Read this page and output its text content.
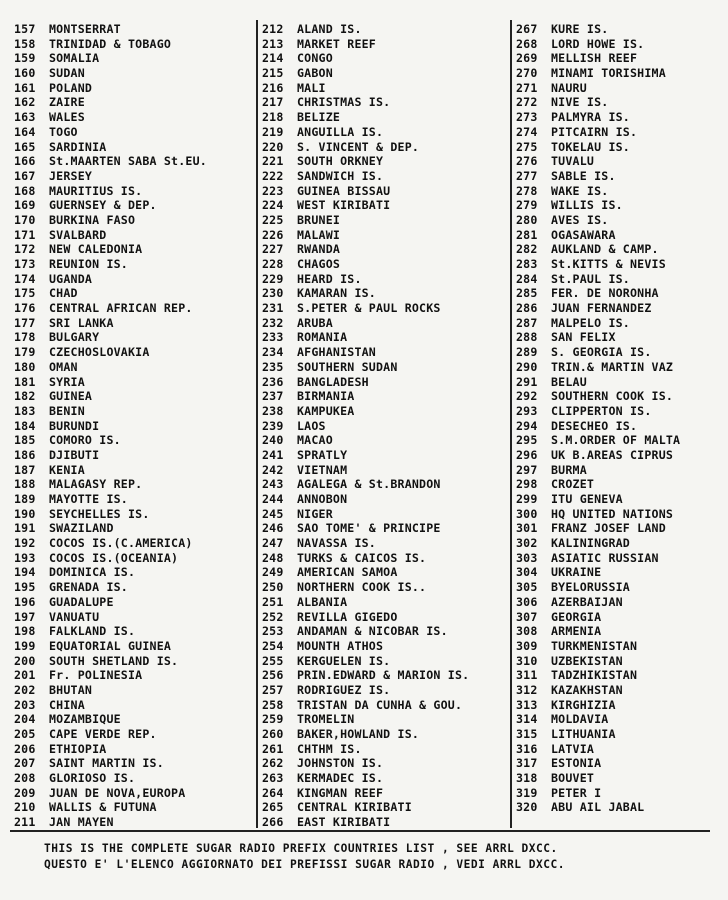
157	MONTSERRAT
158	TRINIDAD & TOBAGO
159	SOMALIA
160	SUDAN
161	POLAND
162	ZAIRE
163	WALES
164	TOGO
165	SARDINIA
166	St.MAARTEN SABA St.EU.
167	JERSEY
168	MAURITIUS IS.
169	GUERNSEY & DEP.
170	BURKINA FASO
171	SVALBARD
172	NEW CALEDONIA
173	REUNION IS.
174	UGANDA
175	CHAD
176	CENTRAL AFRICAN REP.
177	SRI LANKA
178	BULGARY
179	CZECHOSLOVAKIA
180	OMAN
181	SYRIA
182	GUINEA
183	BENIN
184	BURUNDI
185	COMORO IS.
186	DJIBUTI
187	KENIA
188	MALAGASY REP.
189	MAYOTTE IS.
190	SEYCHELLES IS.
191	SWAZILAND
192	COCOS IS.(C.AMERICA)
193	COCOS IS.(OCEANIA)
194	DOMINICA IS.
195	GRENADA IS.
196	GUADALUPE
197	VANUATU
198	FALKLAND IS.
199	EQUATORIAL GUINEA
200	SOUTH SHETLAND IS.
201	Fr. POLINESIA
202	BHUTAN
203	CHINA
204	MOZAMBIQUE
205	CAPE VERDE REP.
206	ETHIOPIA
207	SAINT MARTIN IS.
208	GLORIOSO IS.
209	JUAN DE NOVA,EUROPA
210	WALLIS & FUTUNA
211	JAN MAYEN
212	ALAND IS.
213	MARKET REEF
214	CONGO
215	GABON
216	MALI
217	CHRISTMAS IS.
218	BELIZE
219	ANGUILLA IS.
220	S. VINCENT & DEP.
221	SOUTH ORKNEY
222	SANDWICH IS.
223	GUINEA BISSAU
224	WEST KIRIBATI
225	BRUNEI
226	MALAWI
227	RWANDA
228	CHAGOS
229	HEARD IS.
230	KAMARAN IS.
231	S.PETER & PAUL ROCKS
232	ARUBA
233	ROMANIA
234	AFGHANISTAN
235	SOUTHERN SUDAN
236	BANGLADESH
237	BIRMANIA
238	KAMPUKEA
239	LAOS
240	MACAO
241	SPRATLY
242	VIETNAM
243	AGALEGA & St.BRANDON
244	ANNOBON
245	NIGER
246	SAO TOME' & PRINCIPE
247	NAVASSA IS.
248	TURKS & CAICOS IS.
249	AMERICAN SAMOA
250	NORTHERN COOK IS..
251	ALBANIA
252	REVILLA GIGEDO
253	ANDAMAN & NICOBAR IS.
254	MOUNTH ATHOS
255	KERGUELEN IS.
256	PRIN.EDWARD & MARION IS.
257	RODRIGUEZ IS.
258	TRISTAN DA CUNHA & GOU.
259	TROMELIN
260	BAKER,HOWLAND IS.
261	CHTHM IS.
262	JOHNSTON IS.
263	KERMADEC IS.
264	KINGMAN REEF
265	CENTRAL KIRIBATI
266	EAST KIRIBATI
267	KURE IS.
268	LORD HOWE IS.
269	MELLISH REEF
270	MINAMI TORISHIMA
271	NAURU
272	NIVE IS.
273	PALMYRA IS.
274	PITCAIRN IS.
275	TOKELAU IS.
276	TUVALU
277	SABLE IS.
278	WAKE IS.
279	WILLIS IS.
280	AVES IS.
281	OGASAWARA
282	AUKLAND & CAMP.
283	St.KITTS & NEVIS
284	St.PAUL IS.
285	FER. DE NORONHA
286	JUAN FERNANDEZ
287	MALPELO IS.
288	SAN FELIX
289	S. GEORGIA IS.
290	TRIN.& MARTIN VAZ
291	BELAU
292	SOUTHERN COOK IS.
293	CLIPPERTON IS.
294	DESECHEO IS.
295	S.M.ORDER OF MALTA
296	UK B.AREAS CIPRUS
297	BURMA
298	CROZET
299	ITU GENEVA
300	HQ UNITED NATIONS
301	FRANZ JOSEF LAND
302	KALININGRAD
303	ASIATIC RUSSIAN
304	UKRAINE
305	BYELORUSSIA
306	AZERBAIJAN
307	GEORGIA
308	ARMENIA
309	TURKMENISTAN
310	UZBEKISTAN
311	TADZHIKISTAN
312	KAZAKHSTAN
313	KIRGHIZIA
314	MOLDAVIA
315	LITHUANIA
316	LATVIA
317	ESTONIA
318	BOUVET
319	PETER I
320	ABU AIL JABAL
THIS IS THE COMPLETE SUGAR RADIO PREFIX COUNTRIES LIST , SEE ARRL DXCC.
QUESTO E' L'ELENCO AGGIORNATO DEI PREFISSI SUGAR RADIO , VEDI ARRL DXCC.
